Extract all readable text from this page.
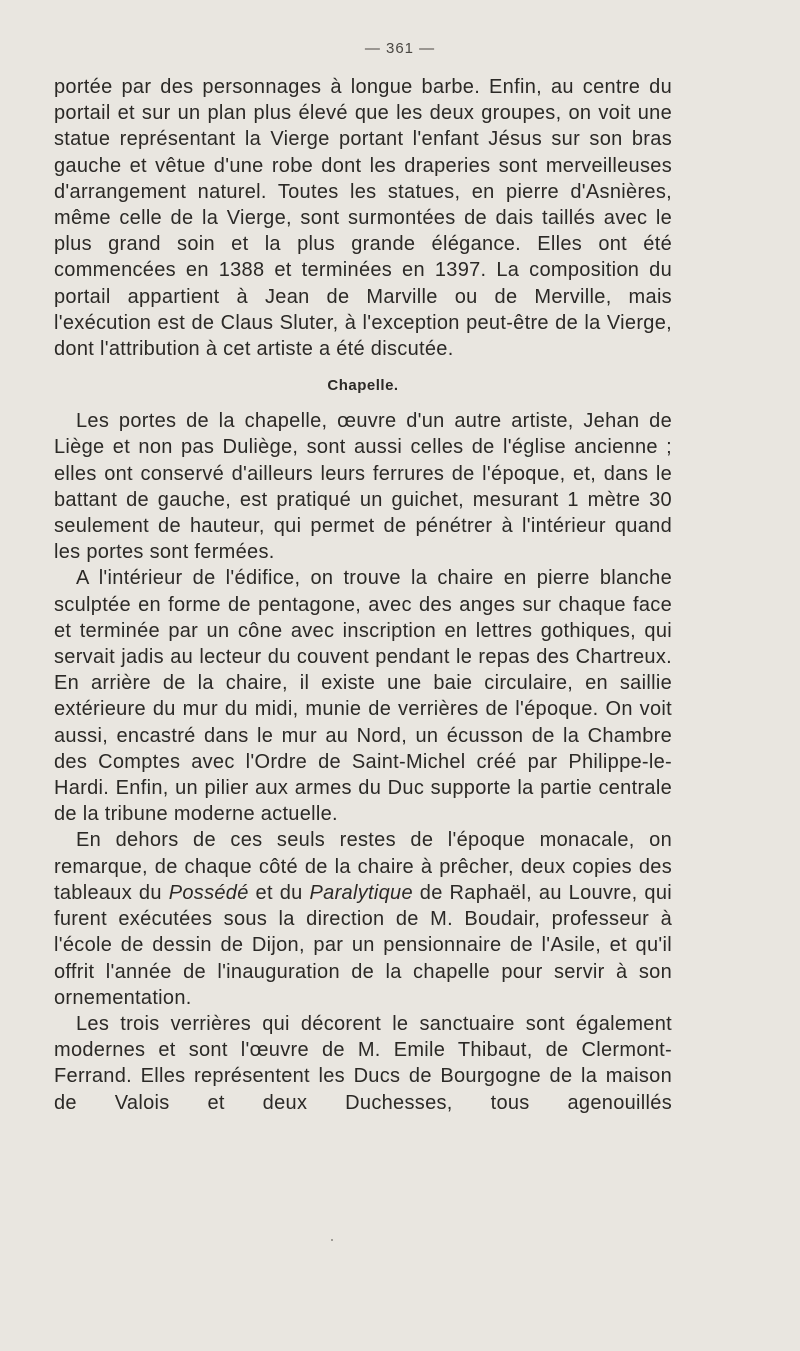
— 361 —

portée par des personnages à longue barbe. Enfin, au centre du portail et sur un plan plus élevé que les deux groupes, on voit une statue représentant la Vierge portant l'enfant Jésus sur son bras gauche et vêtue d'une robe dont les draperies sont merveilleuses d'arrangement naturel. Toutes les statues, en pierre d'Asnières, même celle de la Vierge, sont surmontées de dais taillés avec le plus grand soin et la plus grande élégance. Elles ont été commencées en 1388 et terminées en 1397. La composition du portail appartient à Jean de Marville ou de Merville, mais l'exécution est de Claus Sluter, à l'exception peut-être de la Vierge, dont l'attribution à cet artiste a été discutée.

Chapelle.

Les portes de la chapelle, œuvre d'un autre artiste, Jehan de Liège et non pas Duliège, sont aussi celles de l'église ancienne ; elles ont conservé d'ailleurs leurs ferrures de l'époque, et, dans le battant de gauche, est pratiqué un guichet, mesurant 1 mètre 30 seulement de hauteur, qui permet de pénétrer à l'intérieur quand les portes sont fermées.

A l'intérieur de l'édifice, on trouve la chaire en pierre blanche sculptée en forme de pentagone, avec des anges sur chaque face et terminée par un cône avec inscription en lettres gothiques, qui servait jadis au lecteur du couvent pendant le repas des Chartreux. En arrière de la chaire, il existe une baie circulaire, en saillie extérieure du mur du midi, munie de verrières de l'époque. On voit aussi, encastré dans le mur au Nord, un écusson de la Chambre des Comptes avec l'Ordre de Saint-Michel créé par Philippe-le-Hardi. Enfin, un pilier aux armes du Duc supporte la partie centrale de la tribune moderne actuelle.

En dehors de ces seuls restes de l'époque monacale, on remarque, de chaque côté de la chaire à prêcher, deux copies des tableaux du Possédé et du Paralytique de Raphaël, au Louvre, qui furent exécutées sous la direction de M. Boudair, professeur à l'école de dessin de Dijon, par un pensionnaire de l'Asile, et qu'il offrit l'année de l'inauguration de la chapelle pour servir à son ornementation.

Les trois verrières qui décorent le sanctuaire sont également modernes et sont l'œuvre de M. Emile Thibaut, de Clermont-Ferrand. Elles représentent les Ducs de Bourgogne de la maison de Valois et deux Duchesses, tous agenouillés
